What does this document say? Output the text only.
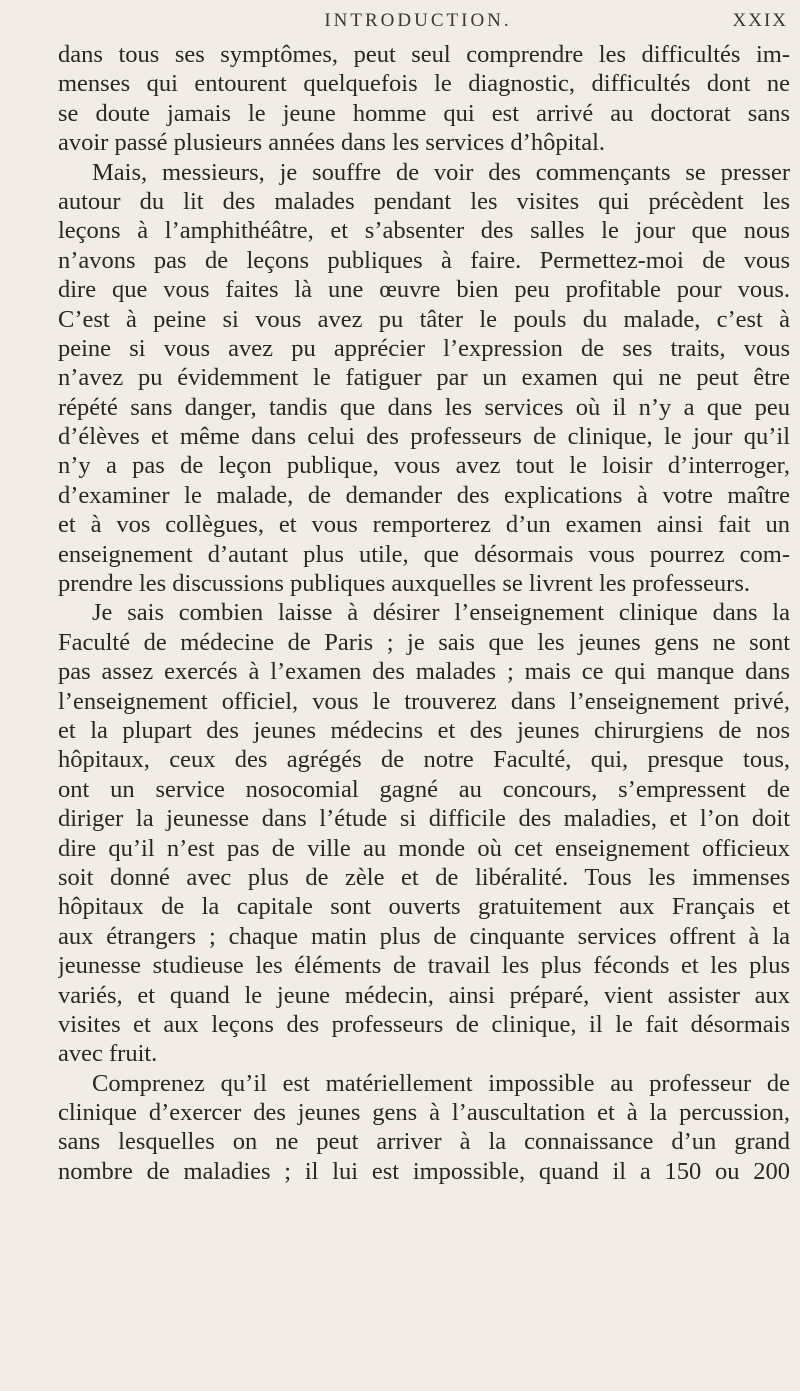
INTRODUCTION.	XXIX
dans tous ses symptômes, peut seul comprendre les difficultés im-
menses qui entourent quelquefois le diagnostic, difficultés dont ne
se doute jamais le jeune homme qui est arrivé au doctorat sans
avoir passé plusieurs années dans les services d’hôpital.
Mais, messieurs, je souffre de voir des commençants se presser
autour du lit des malades pendant les visites qui précèdent les
leçons à l’amphithéâtre, et s’absenter des salles le jour que nous
n’avons pas de leçons publiques à faire. Permettez-moi de vous
dire que vous faites là une œuvre bien peu profitable pour vous.
C’est à peine si vous avez pu tâter le pouls du malade, c’est à
peine si vous avez pu apprécier l’expression de ses traits, vous
n’avez pu évidemment le fatiguer par un examen qui ne peut être
répété sans danger, tandis que dans les services où il n’y a que peu
d’élèves et même dans celui des professeurs de clinique, le jour qu’il
n’y a pas de leçon publique, vous avez tout le loisir d’interroger,
d’examiner le malade, de demander des explications à votre maître
et à vos collègues, et vous remporterez d’un examen ainsi fait un
enseignement d’autant plus utile, que désormais vous pourrez com-
prendre les discussions publiques auxquelles se livrent les professeurs.
Je sais combien laisse à désirer l’enseignement clinique dans la
Faculté de médecine de Paris ; je sais que les jeunes gens ne sont
pas assez exercés à l’examen des malades ; mais ce qui manque dans
l’enseignement officiel, vous le trouverez dans l’enseignement privé,
et la plupart des jeunes médecins et des jeunes chirurgiens de nos
hôpitaux, ceux des agrégés de notre Faculté, qui, presque tous,
ont un service nosocomial gagné au concours, s’empressent de
diriger la jeunesse dans l’étude si difficile des maladies, et l’on doit
dire qu’il n’est pas de ville au monde où cet enseignement officieux
soit donné avec plus de zèle et de libéralité. Tous les immenses
hôpitaux de la capitale sont ouverts gratuitement aux Français et
aux étrangers ; chaque matin plus de cinquante services offrent à la
jeunesse studieuse les éléments de travail les plus féconds et les plus
variés, et quand le jeune médecin, ainsi préparé, vient assister aux
visites et aux leçons des professeurs de clinique, il le fait désormais
avec fruit.
Comprenez qu’il est matériellement impossible au professeur de
clinique d’exercer des jeunes gens à l’auscultation et à la percussion,
sans lesquelles on ne peut arriver à la connaissance d’un grand
nombre de maladies ; il lui est impossible, quand il a 150 ou 200
